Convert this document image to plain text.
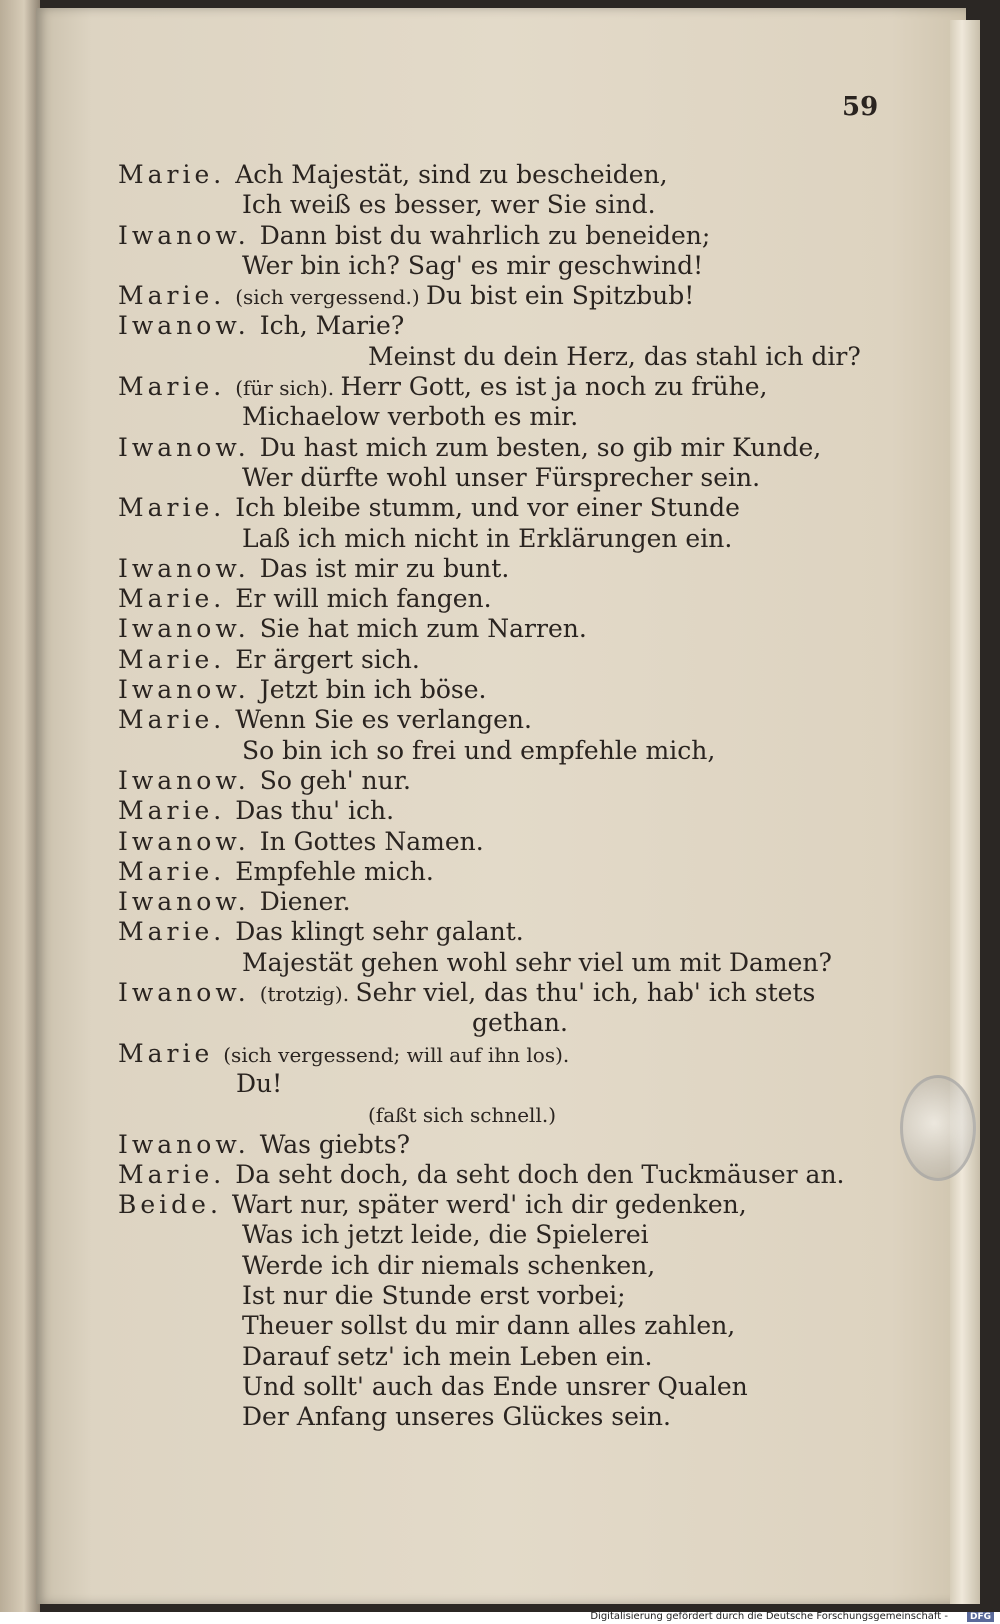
59
Marie. Ach Majestät, sind zu bescheiden,
Ich weiß es besser, wer Sie sind.
Iwanow. Dann bist du wahrlich zu beneiden;
Wer bin ich? Sag' es mir geschwind!
Marie. (sich vergessend.) Du bist ein Spitzbub!
Iwanow. Ich, Marie?
Meinst du dein Herz, das stahl ich dir?
Marie. (für sich). Herr Gott, es ist ja noch zu frühe,
Michaelow verboth es mir.
Iwanow. Du hast mich zum besten, so gib mir Kunde,
Wer dürfte wohl unser Fürsprecher sein.
Marie. Ich bleibe stumm, und vor einer Stunde
Laß ich mich nicht in Erklärungen ein.
Iwanow. Das ist mir zu bunt.
Marie. Er will mich fangen.
Iwanow. Sie hat mich zum Narren.
Marie. Er ärgert sich.
Iwanow. Jetzt bin ich böse.
Marie. Wenn Sie es verlangen.
So bin ich so frei und empfehle mich,
Iwanow. So geh' nur.
Marie. Das thu' ich.
Iwanow. In Gottes Namen.
Marie. Empfehle mich.
Iwanow. Diener.
Marie. Das klingt sehr galant.
Majestät gehen wohl sehr viel um mit Damen?
Iwanow. (trotzig). Sehr viel, das thu' ich, hab' ich stets
gethan.
Marie (sich vergessend; will auf ihn los).
Du!
(faßt sich schnell.)
Iwanow. Was giebts?
Marie. Da seht doch, da seht doch den Tuckmäuser an.
Beide. Wart nur, später werd' ich dir gedenken,
Was ich jetzt leide, die Spielerei
Werde ich dir niemals schenken,
Ist nur die Stunde erst vorbei;
Theuer sollst du mir dann alles zahlen,
Darauf setz' ich mein Leben ein.
Und sollt' auch das Ende unsrer Qualen
Der Anfang unseres Glückes sein.
Digitalisierung gefördert durch die Deutsche Forschungsgemeinschaft -	DFG
